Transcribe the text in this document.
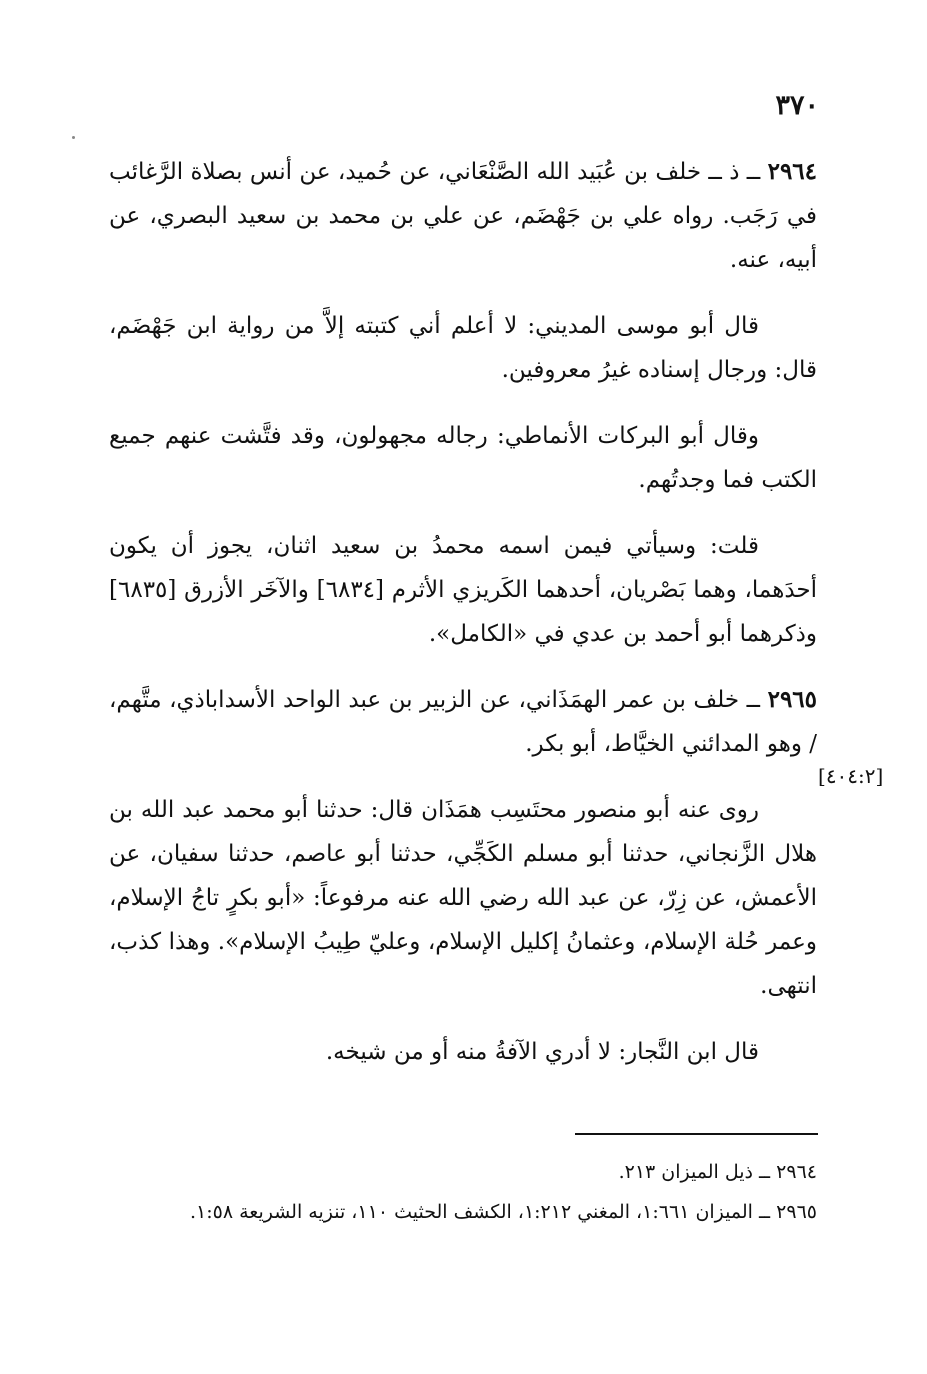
٣٧٠

٢٩٦٤ ــ ذ ــ خلف بن عُبَيد الله الصَّنْعَاني، عن حُميد، عن أنس بصلاة الرَّغائب في رَجَب. رواه علي بن جَهْضَم، عن علي بن محمد بن سعيد البصري، عن أبيه، عنه.

قال أبو موسى المديني: لا أعلم أني كتبته إلاَّ من رواية ابن جَهْضَم، قال: ورجال إسناده غيرُ معروفين.

وقال أبو البركات الأنماطي: رجاله مجهولون، وقد فتَّشت عنهم جميع الكتب فما وجدتُهم.

قلت: وسيأتي فيمن اسمه محمدُ بن سعيد اثنان، يجوز أن يكون أحدَهما، وهما بَصْريان، أحدهما الكَريزي الأثرم [٦٨٣٤] والآخَر الأزرق [٦٨٣٥] وذكرهما أبو أحمد بن عدي في «الكامل».

٢٩٦٥ ــ خلف بن عمر الهمَذَاني، عن الزبير بن عبد الواحد الأسداباذي، متَّهم، / وهو المدائني الخيَّاط، أبو بكر.

روى عنه أبو منصور محتَسِب همَذَان قال: حدثنا أبو محمد عبد الله بن هلال الزَّنجاني، حدثنا أبو مسلم الكَجِّي، حدثنا أبو عاصم، حدثنا سفيان، عن الأعمش، عن زِرّ، عن عبد الله رضي الله عنه مرفوعاً: «أبو بكرٍ تاجُ الإسلام، وعمر حُلة الإسلام، وعثمانُ إكليل الإسلام، وعليّ طِيبُ الإسلام». وهذا كذب، انتهى.

قال ابن النَّجار: لا أدري الآفةُ منه أو من شيخه.

[٤٠٤:٢]

٢٩٦٤ ــ ذيل الميزان ٢١٣.

٢٩٦٥ ــ الميزان ١:٦٦١، المغني ١:٢١٢، الكشف الحثيث ١١٠، تنزيه الشريعة ١:٥٨.
